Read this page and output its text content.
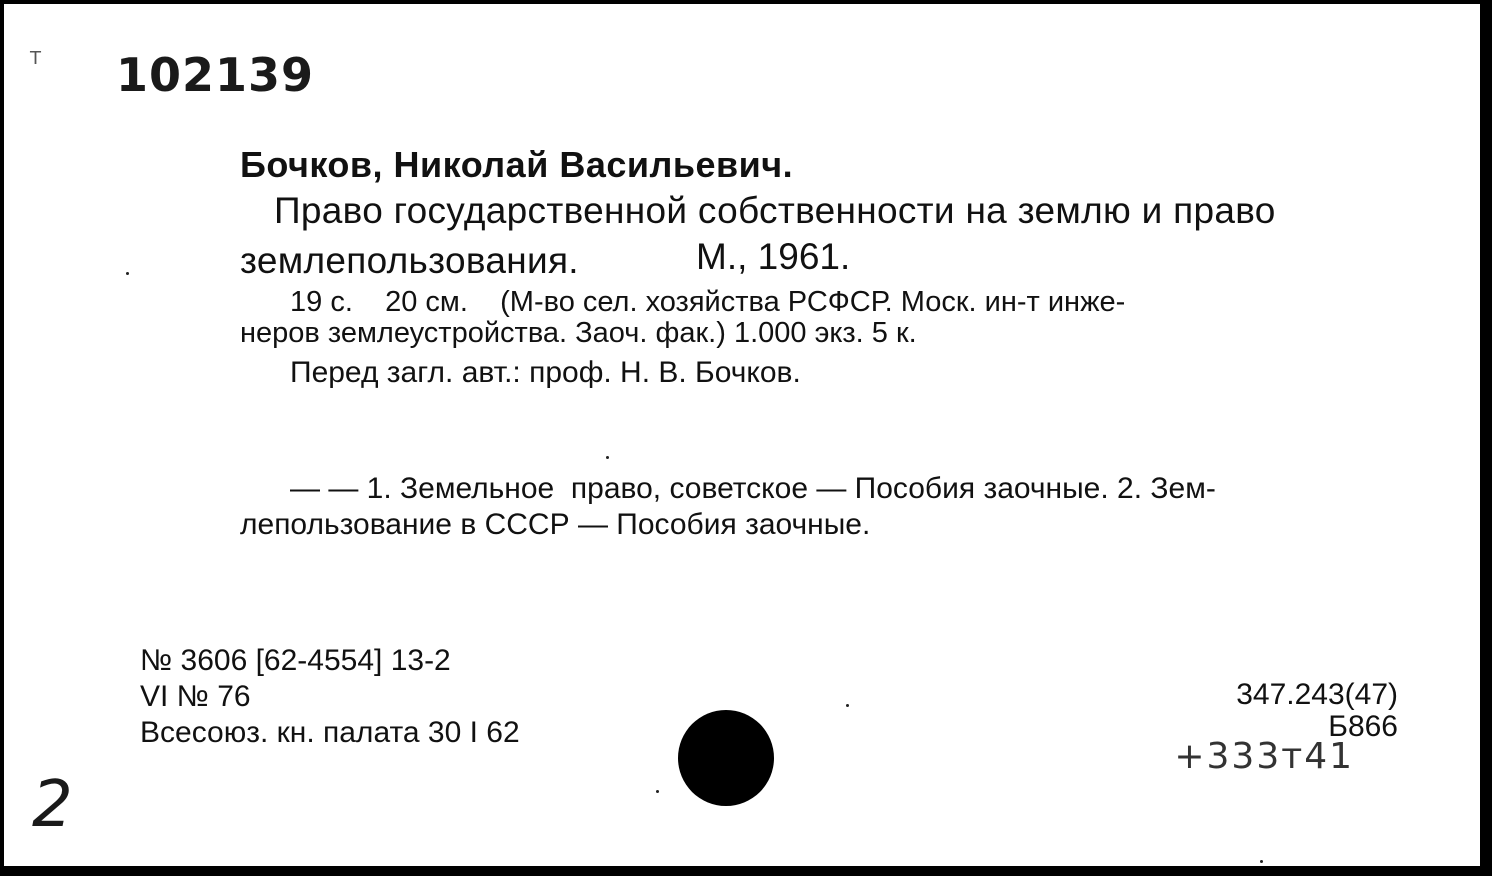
Т 102139
Бочков, Николай Васильевич.
Право государственной собственности на землю и право
землепользования.	М., 1961.
19 с.    20 см.    (М-во сел. хозяйства РСФСР. Моск. ин-т инже-
неров землеустройства. Заоч. фак.) 1.000 экз. 5 к.
Перед загл. авт.: проф. Н. В. Бочков.
— — 1. Земельное  право, советское — Пособия заочные. 2. Зем-
лепользование в СССР — Пособия заочные.
№ 3606 [62-4554] 13-2
VI № 76
Всесоюз. кн. палата 30 I 62
347.243(47)
Б866
+333т41
2
